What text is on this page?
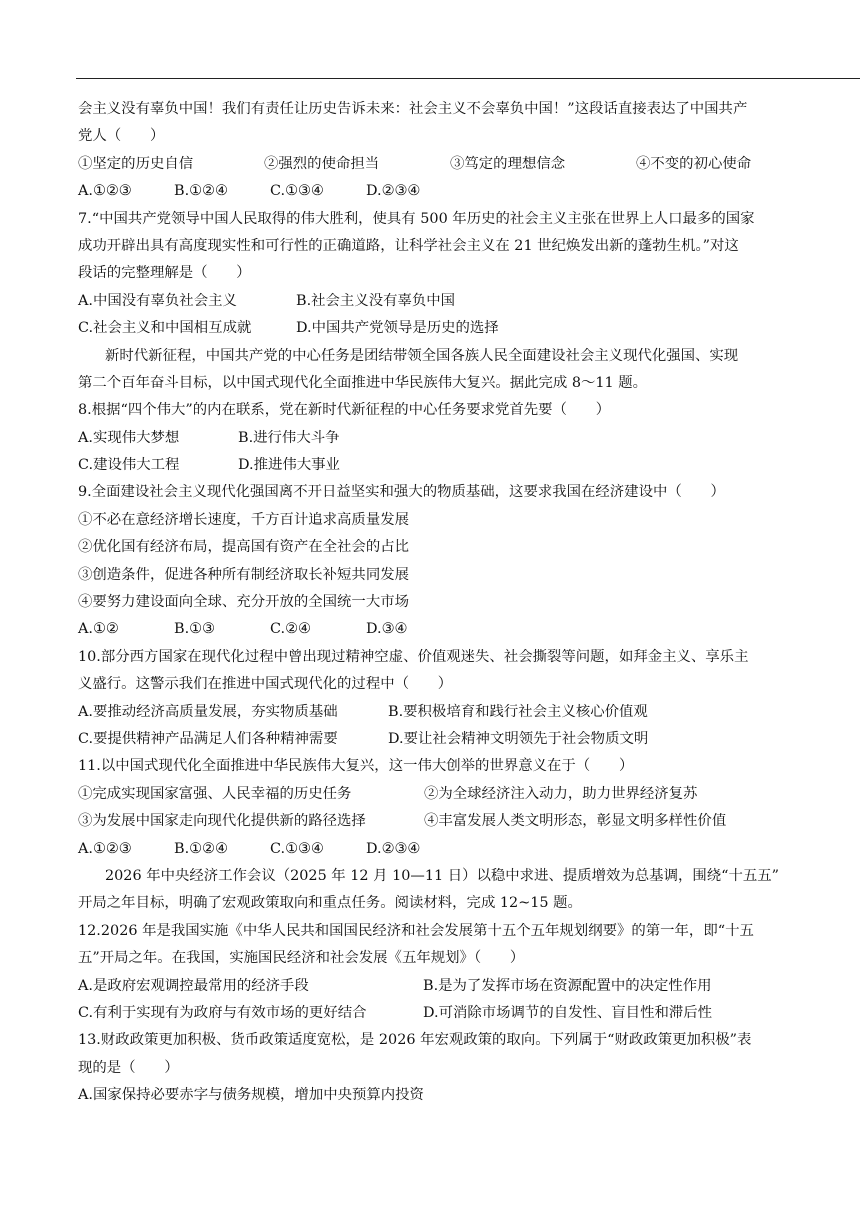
会主义没有辜负中国！我们有责任让历史告诉未来：社会主义不会辜负中国！”这段话直接表达了中国共产
党人（　　）
①坚定的历史自信	②强烈的使命担当	③笃定的理想信念	④不变的初心使命
A.①②③	B.①②④	C.①③④	D.②③④
7.“中国共产党领导中国人民取得的伟大胜利，使具有 500 年历史的社会主义主张在世界上人口最多的国家
成功开辟出具有高度现实性和可行性的正确道路，让科学社会主义在 21 世纪焕发出新的蓬勃生机。”对这
段话的完整理解是（　　）
A.中国没有辜负社会主义	B.社会主义没有辜负中国
C.社会主义和中国相互成就	D.中国共产党领导是历史的选择
新时代新征程，中国共产党的中心任务是团结带领全国各族人民全面建设社会主义现代化强国、实现
第二个百年奋斗目标，以中国式现代化全面推进中华民族伟大复兴。据此完成 8～11 题。
8.根据“四个伟大”的内在联系，党在新时代新征程的中心任务要求党首先要（　　）
A.实现伟大梦想	B.进行伟大斗争
C.建设伟大工程	D.推进伟大事业
9.全面建设社会主义现代化强国离不开日益坚实和强大的物质基础，这要求我国在经济建设中（　　）
①不必在意经济增长速度，千方百计追求高质量发展
②优化国有经济布局，提高国有资产在全社会的占比
③创造条件，促进各种所有制经济取长补短共同发展
④要努力建设面向全球、充分开放的全国统一大市场
A.①②	B.①③	C.②④	D.③④
10.部分西方国家在现代化过程中曾出现过精神空虚、价值观迷失、社会撕裂等问题，如拜金主义、享乐主
义盛行。这警示我们在推进中国式现代化的过程中（　　）
A.要推动经济高质量发展，夯实物质基础	B.要积极培育和践行社会主义核心价值观
C.要提供精神产品满足人们各种精神需要	D.要让社会精神文明领先于社会物质文明
11.以中国式现代化全面推进中华民族伟大复兴，这一伟大创举的世界意义在于（　　）
①完成实现国家富强、人民幸福的历史任务	②为全球经济注入动力，助力世界经济复苏
③为发展中国家走向现代化提供新的路径选择	④丰富发展人类文明形态，彰显文明多样性价值
A.①②③	B.①②④	C.①③④	D.②③④
2026 年中央经济工作会议（2025 年 12 月 10—11 日）以稳中求进、提质增效为总基调，围绕“十五五”
开局之年目标，明确了宏观政策取向和重点任务。阅读材料，完成 12~15 题。
12.2026 年是我国实施《中华人民共和国国民经济和社会发展第十五个五年规划纲要》的第一年，即“十五
五”开局之年。在我国，实施国民经济和社会发展《五年规划》（　　）
A.是政府宏观调控最常用的经济手段	B.是为了发挥市场在资源配置中的决定性作用
C.有利于实现有为政府与有效市场的更好结合	D.可消除市场调节的自发性、盲目性和滞后性
13.财政政策更加积极、货币政策适度宽松，是 2026 年宏观政策的取向。下列属于“财政政策更加积极”表
现的是（　　）
A.国家保持必要赤字与债务规模，增加中央预算内投资
